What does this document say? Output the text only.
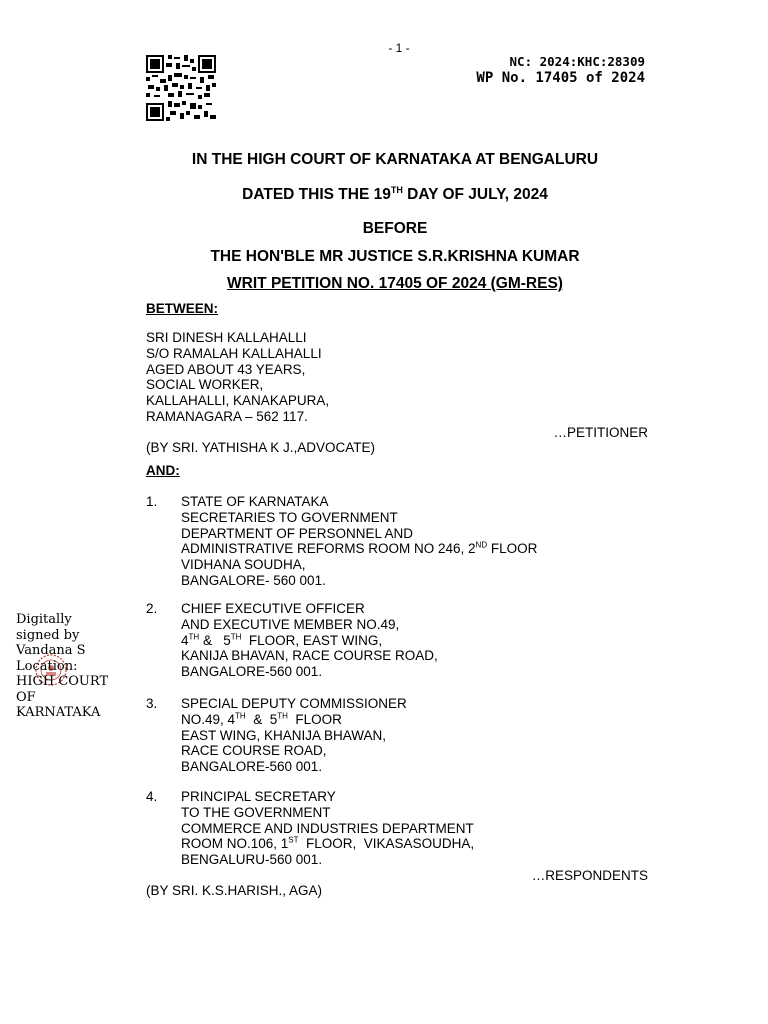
- 1 -
NC: 2024:KHC:28309
WP No. 17405 of 2024
IN THE HIGH COURT OF KARNATAKA AT BENGALURU
DATED THIS THE 19TH DAY OF JULY, 2024
BEFORE
THE HON'BLE MR JUSTICE S.R.KRISHNA KUMAR
WRIT PETITION NO. 17405 OF 2024 (GM-RES)
BETWEEN:
SRI DINESH KALLAHALLI
S/O RAMALAH KALLAHALLI
AGED ABOUT 43 YEARS,
SOCIAL WORKER,
KALLAHALLI, KANAKAPURA,
RAMANAGARA – 562 117.
…PETITIONER
(BY SRI. YATHISHA K J.,ADVOCATE)
AND:
1.	STATE OF KARNATAKA
SECRETARIES TO GOVERNMENT
DEPARTMENT OF PERSONNEL AND
ADMINISTRATIVE REFORMS ROOM NO 246, 2ND FLOOR
VIDHANA SOUDHA,
BANGALORE- 560 001.
2.	CHIEF EXECUTIVE OFFICER
AND EXECUTIVE MEMBER NO.49,
4TH &   5TH  FLOOR, EAST WING,
KANIJA BHAVAN, RACE COURSE ROAD,
BANGALORE-560 001.
3.	SPECIAL DEPUTY COMMISSIONER
NO.49, 4TH  &  5TH  FLOOR
EAST WING, KHANIJA BHAWAN,
RACE COURSE ROAD,
BANGALORE-560 001.
4.	PRINCIPAL SECRETARY
TO THE GOVERNMENT
COMMERCE AND INDUSTRIES DEPARTMENT
ROOM NO.106, 1ST  FLOOR,  VIKASASOUDHA,
BENGALURU-560 001.
…RESPONDENTS
(BY SRI. K.S.HARISH., AGA)
Digitally
signed by
Vandana S
Location:
HIGH COURT
OF
KARNATAKA
